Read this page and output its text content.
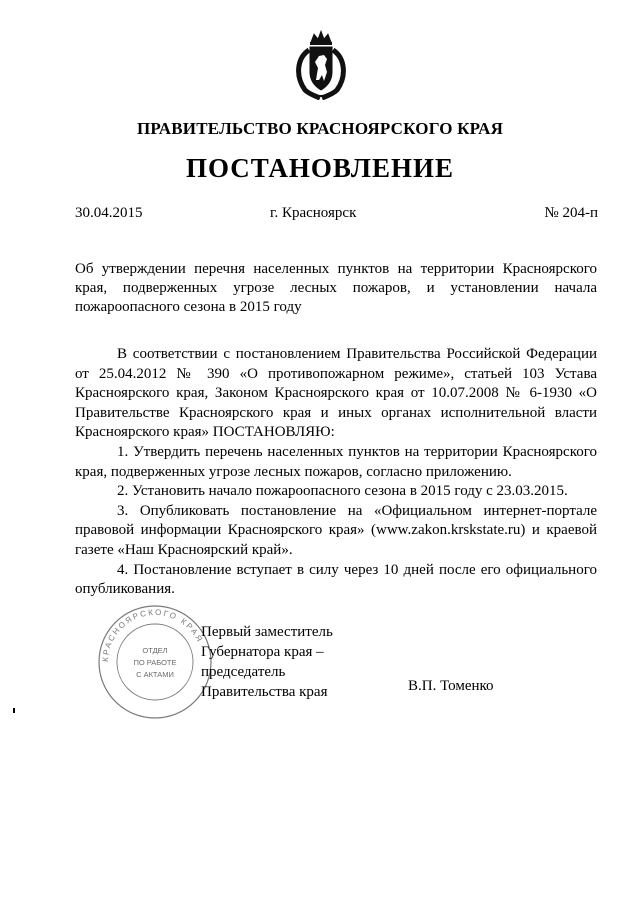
ПРАВИТЕЛЬСТВО КРАСНОЯРСКОГО КРАЯ
ПОСТАНОВЛЕНИЕ
30.04.2015	г. Красноярск	№ 204-п
Об утверждении перечня населенных пунктов на территории Красноярского края, подверженных угрозе лесных пожаров, и установлении начала пожароопасного сезона в 2015 году

В соответствии с постановлением Правительства Российской Федерации от 25.04.2012 № 390 «О противопожарном режиме», статьей 103 Устава Красноярского края, Законом Красноярского края от 10.07.2008 № 6-1930 «О Правительстве Красноярского края и иных органах исполнительной власти Красноярского края» ПОСТАНОВЛЯЮ:

1. Утвердить перечень населенных пунктов на территории Красноярского края, подверженных угрозе лесных пожаров, согласно приложению.

2. Установить начало пожароопасного сезона в 2015 году с 23.03.2015.

3. Опубликовать постановление на «Официальном интернет-портале правовой информации Красноярского края» (www.zakon.krskstate.ru) и краевой газете «Наш Красноярский край».

4. Постановление вступает в силу через 10 дней после его официального опубликования.

КРАСНОЯРСКОГО КРАЯ
ОТДЕЛ
ПО РАБОТЕ
С АКТАМИ
Первый заместитель
Губернатора края –
председатель
Правительства края	В.П. Томенко
